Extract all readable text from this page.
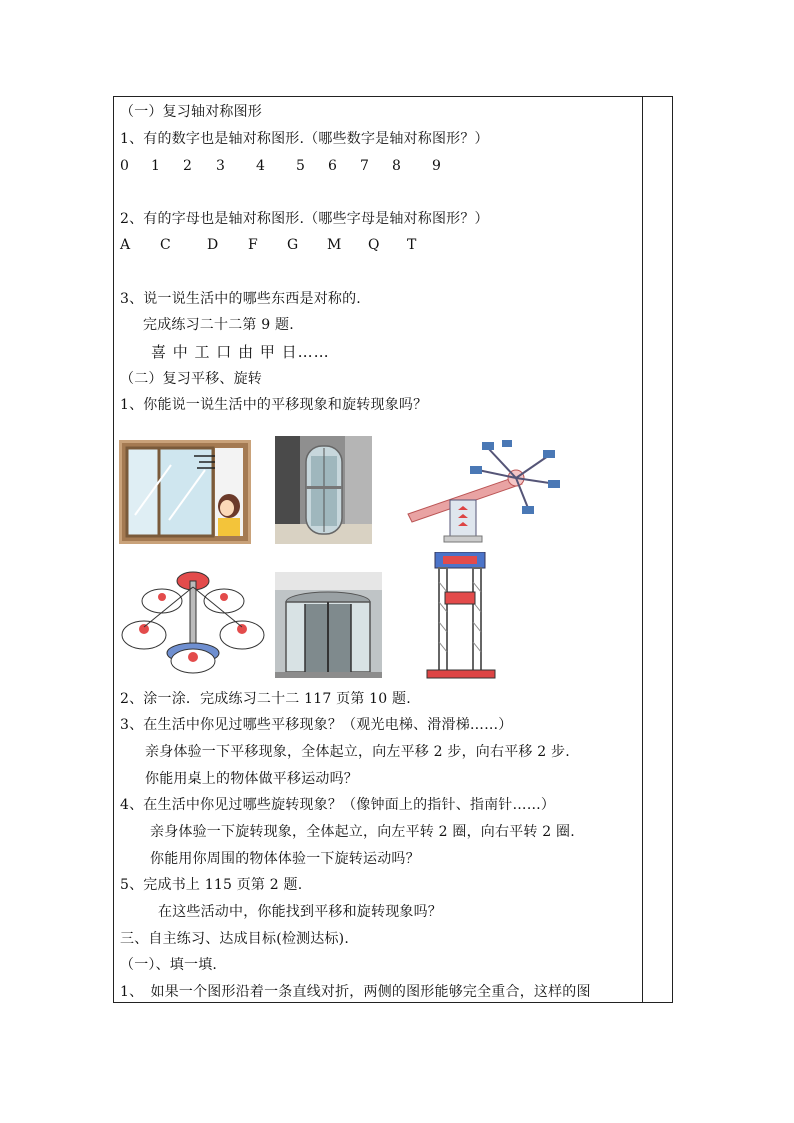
（一）复习轴对称图形
1、有的数字也是轴对称图形.（哪些数字是轴对称图形？）
0 1 2 3 4 5 6 7 8 9
2、有的字母也是轴对称图形.（哪些字母是轴对称图形？）
A C	D F G M Q T
3、说一说生活中的哪些东西是对称的.
完成练习二十二第 9 题.
喜 中 工 口 由 甲 日……
（二）复习平移、旋转
1、你能说一说生活中的平移现象和旋转现象吗？
2、涂一涂．完成练习二十二 117 页第 10 题.
3、在生活中你见过哪些平移现象？（观光电梯、滑滑梯……）
亲身体验一下平移现象，全体起立，向左平移 2 步，向右平移 2 步.
你能用桌上的物体做平移运动吗？
4、在生活中你见过哪些旋转现象？（像钟面上的指针、指南针……）
亲身体验一下旋转现象，全体起立，向左平转 2 圈，向右平转 2 圈.
你能用你周围的物体体验一下旋转运动吗？
5、完成书上 115 页第 2 题.
在这些活动中，你能找到平移和旋转现象吗？
三、自主练习、达成目标(检测达标).
（一）、填一填.
1、　如果一个图形沿着一条直线对折，两侧的图形能够完全重合，这样的图
